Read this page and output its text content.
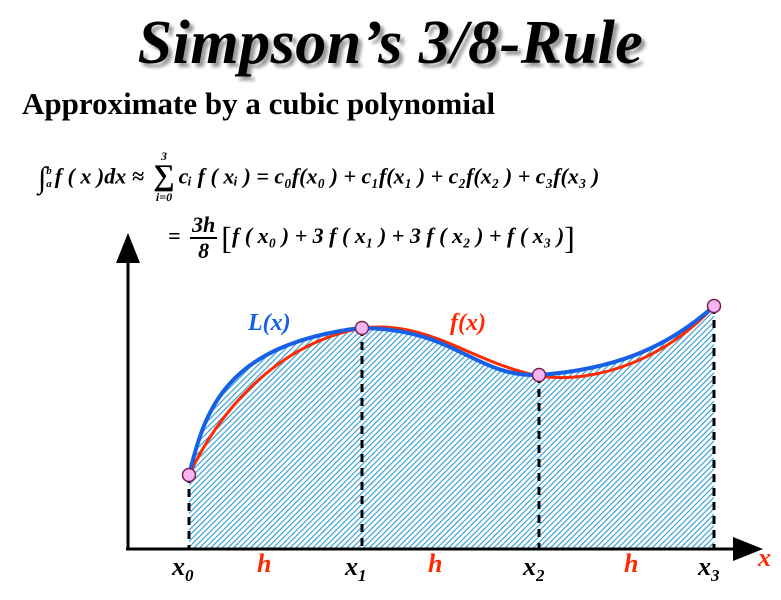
Simpson’s 3/8-Rule
Approximate by a cubic polynomial
∫ b
a f ( x )dx ≈
3
∑
i=0
cᵢ f ( xᵢ ) = c₀f(x₀ ) + c₁f(x₁ ) + c₂f(x₂ ) + c₃f(x₃ )
= $\frac{3h}{8} [f$ ( x₀ ) + 3 f ( x₁ ) + 3 f ( x₂ ) + f ( x₃ )]
L(x)	f(x)
x
$x_0$	$x_1$	$x_2$	$x_3$
h	h	h
